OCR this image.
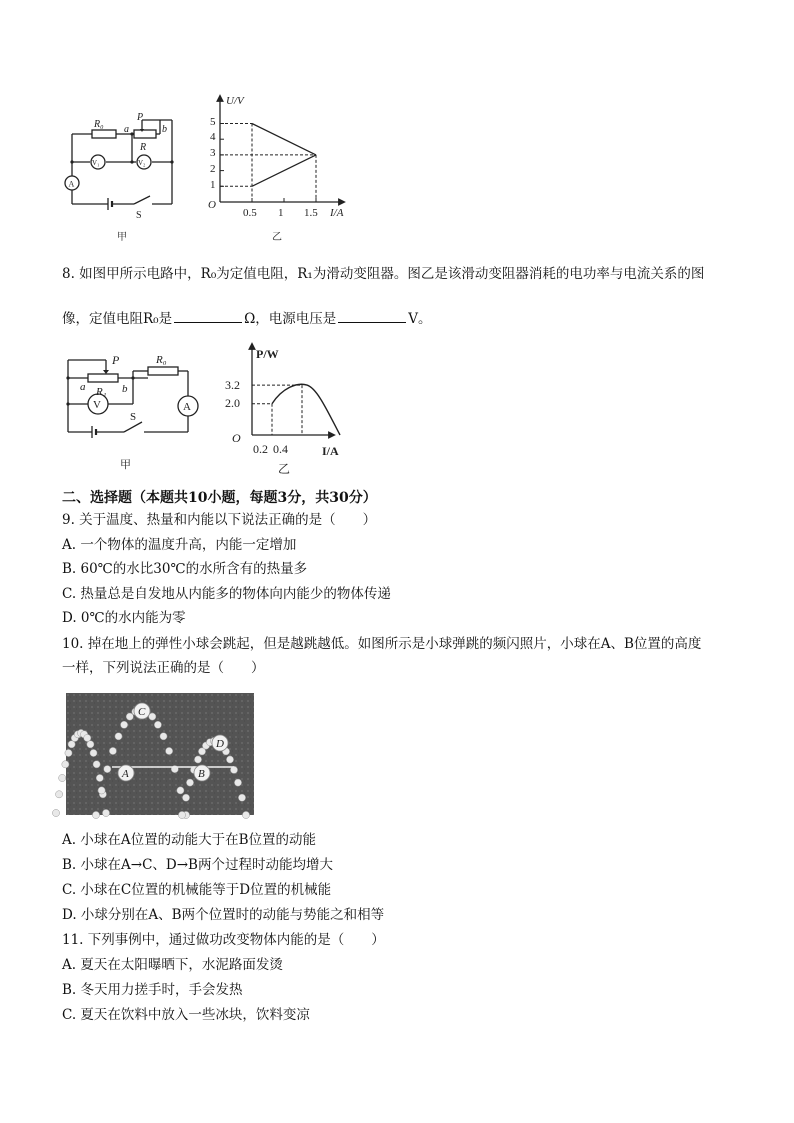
R₀
P
a	b
R
A
V₁	V₂
S
甲
U/V
I/A
O
5
4
3
2
1
0.5 1 1.5
乙
8. 如图甲所示电路中，R₀为定值电阻，R₁为滑动变阻器。图乙是该滑动变阻器消耗的电功率与电流关系的图
像，定值电阻R₀是	Ω，电源电压是	V。
P	R₀
a R₁ b
V	A
S
甲
P/W
I/A
O
3.2
2.0
0.2 0.4
乙
二、选择题（本题共10小题，每题3分，共30分）
9. 关于温度、热量和内能以下说法正确的是（　　）
A. 一个物体的温度升高，内能一定增加
B. 60℃的水比30℃的水所含有的热量多
C. 热量总是自发地从内能多的物体向内能少的物体传递
D. 0℃的水内能为零
10. 掉在地上的弹性小球会跳起，但是越跳越低。如图所示是小球弹跳的频闪照片，小球在A、B位置的高度
一样，下列说法正确的是（　　）
A	B
C
D
A. 小球在A位置的动能大于在B位置的动能
B. 小球在A→C、D→B两个过程时动能均增大
C. 小球在C位置的机械能等于D位置的机械能
D. 小球分别在A、B两个位置时的动能与势能之和相等
11. 下列事例中，通过做功改变物体内能的是（　　）
A. 夏天在太阳曝晒下，水泥路面发烫
B. 冬天用力搓手时，手会发热
C. 夏天在饮料中放入一些冰块，饮料变凉
